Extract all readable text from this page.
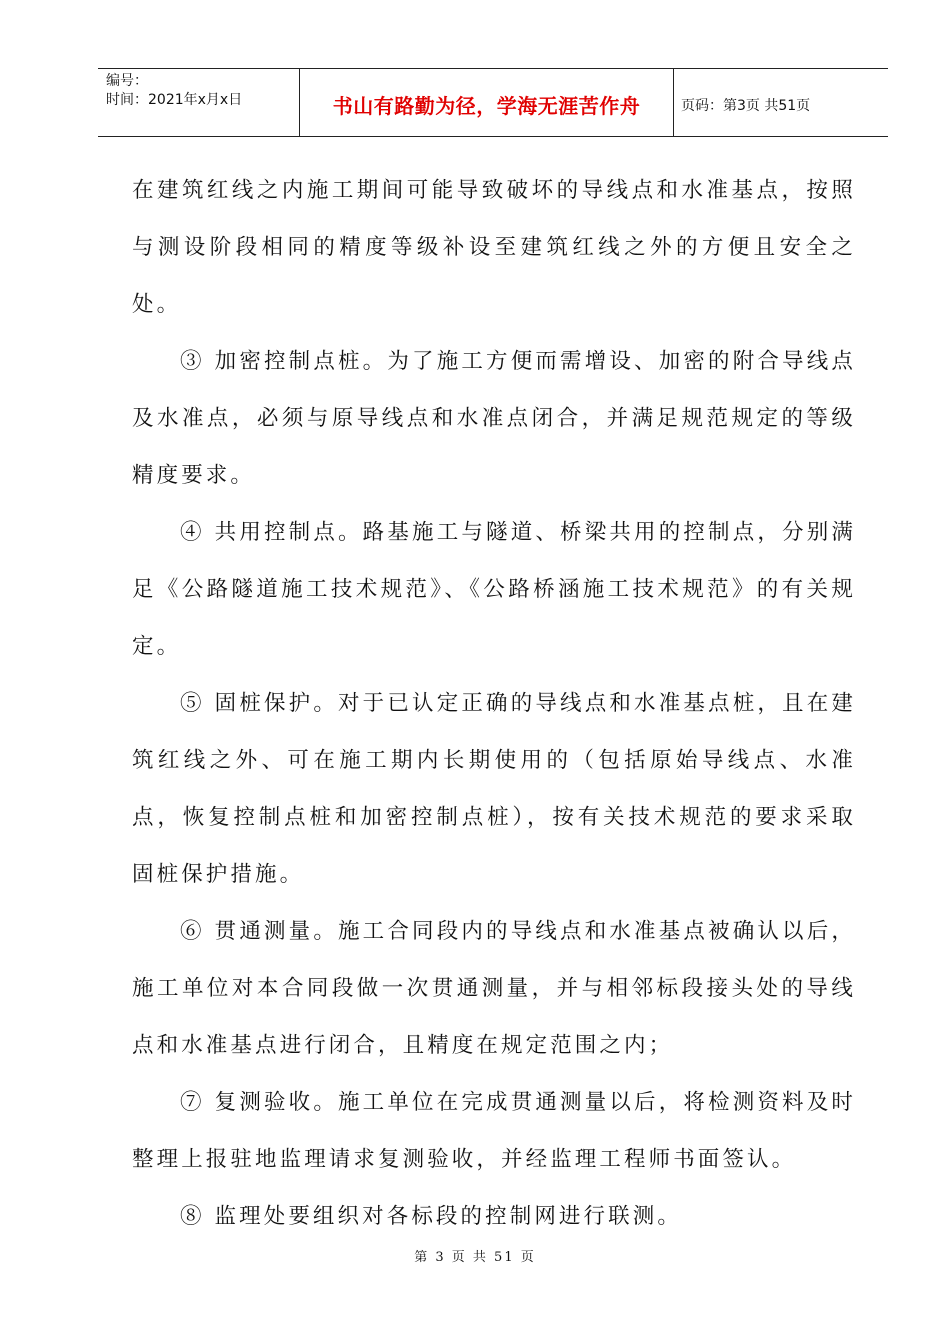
编号：
时间：2021年x月x日	书山有路勤为径，学海无涯苦作舟	页码：第3页 共51页

在建筑红线之内施工期间可能导致破坏的导线点和水准基点，按照与测设阶段相同的精度等级补设至建筑红线之外的方便且安全之处。

③ 加密控制点桩。为了施工方便而需增设、加密的附合导线点及水准点，必须与原导线点和水准点闭合，并满足规范规定的等级精度要求。

④ 共用控制点。路基施工与隧道、桥梁共用的控制点，分别满足《公路隧道施工技术规范》、《公路桥涵施工技术规范》的有关规定。

⑤ 固桩保护。对于已认定正确的导线点和水准基点桩，且在建筑红线之外、可在施工期内长期使用的（包括原始导线点、水准点，恢复控制点桩和加密控制点桩），按有关技术规范的要求采取固桩保护措施。

⑥ 贯通测量。施工合同段内的导线点和水准基点被确认以后，施工单位对本合同段做一次贯通测量，并与相邻标段接头处的导线点和水准基点进行闭合，且精度在规定范围之内；

⑦ 复测验收。施工单位在完成贯通测量以后，将检测资料及时整理上报驻地监理请求复测验收，并经监理工程师书面签认。

⑧ 监理处要组织对各标段的控制网进行联测。

第 3 页 共 51 页
